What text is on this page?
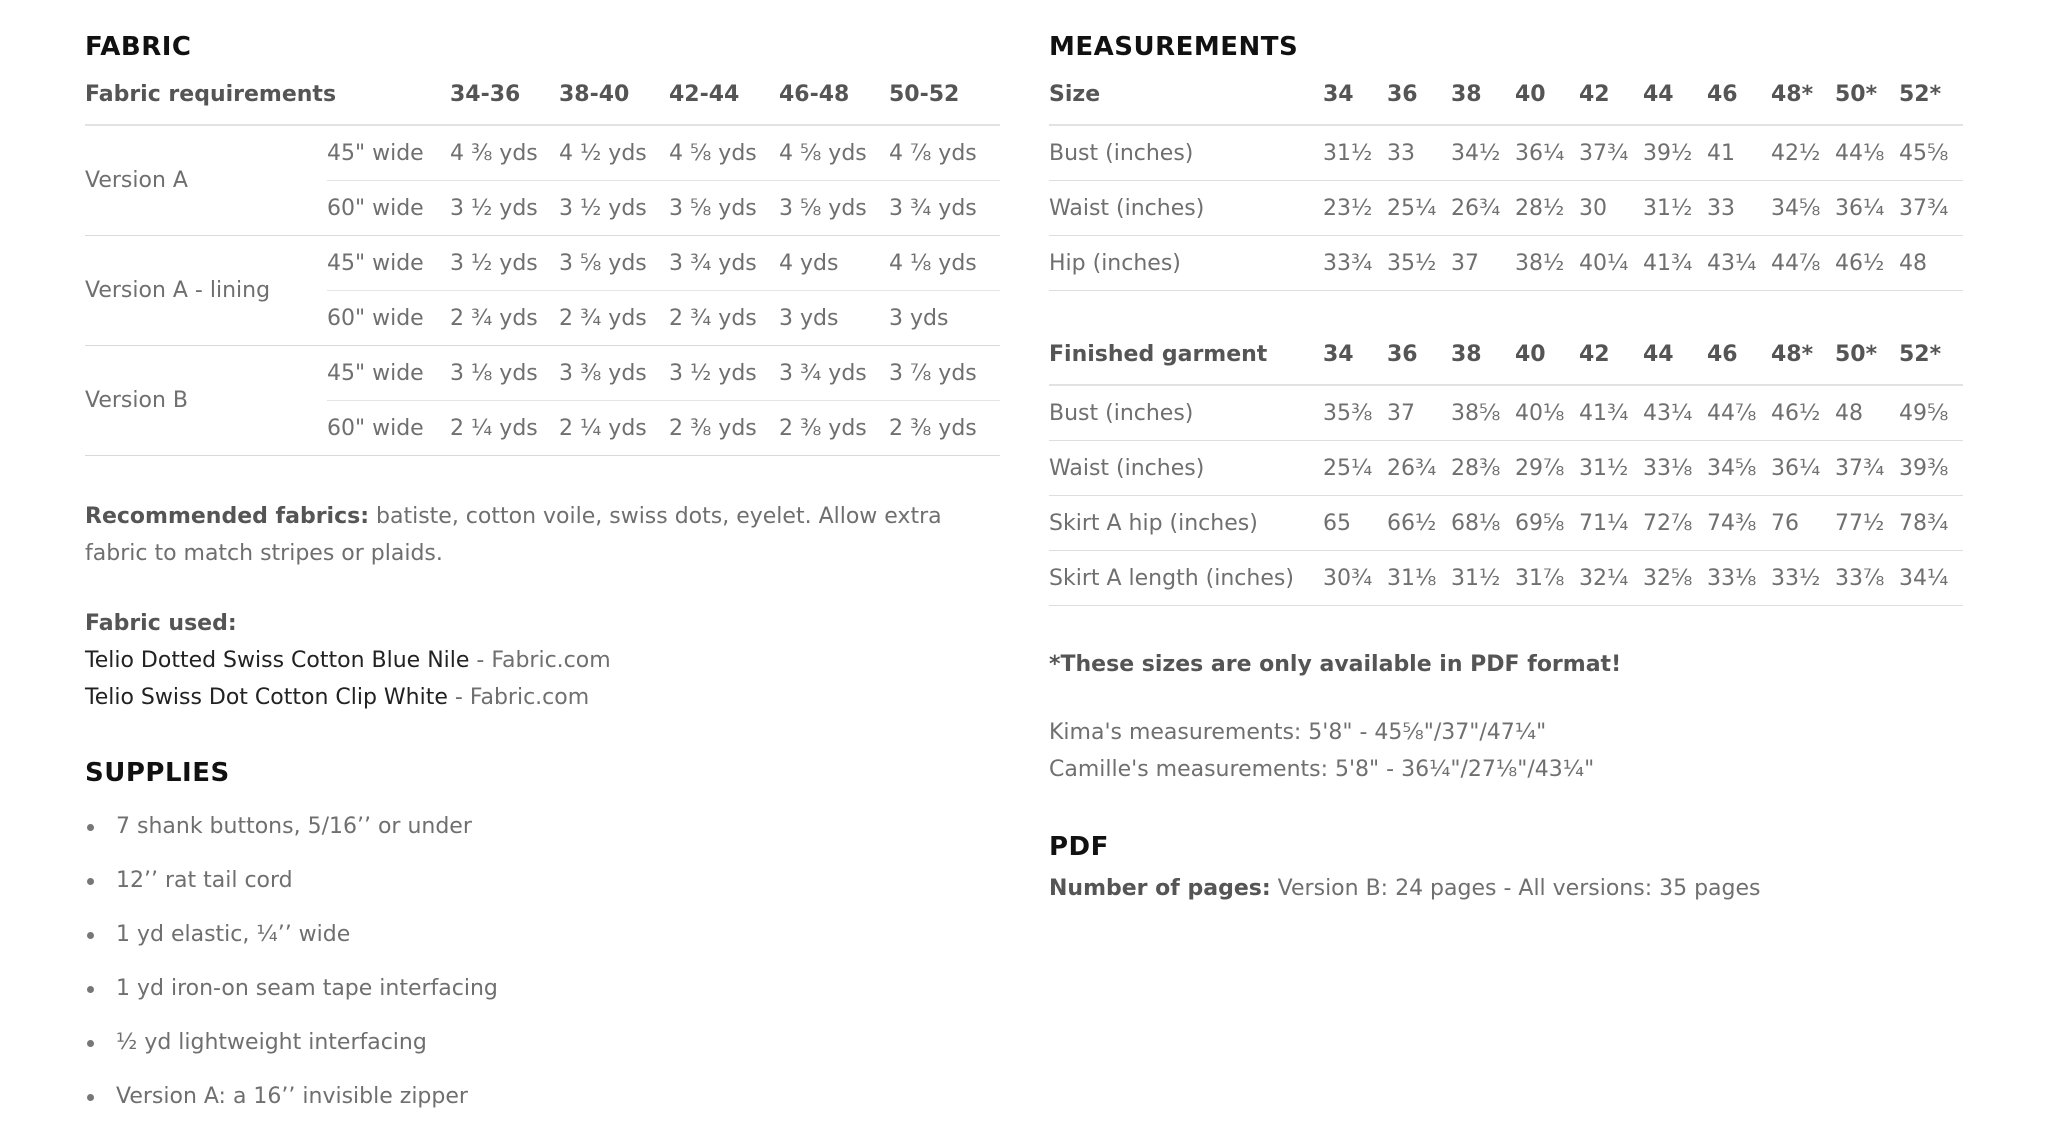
FABRIC
Fabric requirements		34-36	38-40	42-44	46-48	50-52
Version A	45" wide	4 ⅜ yds	4 ½ yds	4 ⅝ yds	4 ⅝ yds	4 ⅞ yds
	60" wide	3 ½ yds	3 ½ yds	3 ⅝ yds	3 ⅝ yds	3 ¾ yds
Version A - lining	45" wide	3 ½ yds	3 ⅝ yds	3 ¾ yds	4 yds	4 ⅛ yds
	60" wide	2 ¾ yds	2 ¾ yds	2 ¾ yds	3 yds	3 yds
Version B	45" wide	3 ⅛ yds	3 ⅜ yds	3 ½ yds	3 ¾ yds	3 ⅞ yds
	60" wide	2 ¼ yds	2 ¼ yds	2 ⅜ yds	2 ⅜ yds	2 ⅜ yds
Recommended fabrics: batiste, cotton voile, swiss dots, eyelet. Allow extra fabric to match stripes or plaids.
Fabric used:
Telio Dotted Swiss Cotton Blue Nile - Fabric.com
Telio Swiss Dot Cotton Clip White - Fabric.com
SUPPLIES
7 shank buttons, 5/16’’ or under
12’’ rat tail cord
1 yd elastic, ¼’’ wide
1 yd iron-on seam tape interfacing
½ yd lightweight interfacing
Version A: a 16’’ invisible zipper
MEASUREMENTS
Size	34	36	38	40	42	44	46	48*	50*	52*
Bust (inches)	31½	33	34½	36¼	37¾	39½	41	42½	44⅛	45⅝
Waist (inches)	23½	25¼	26¾	28½	30	31½	33	34⅝	36¼	37¾
Hip (inches)	33¾	35½	37	38½	40¼	41¾	43¼	44⅞	46½	48
Finished garment	34	36	38	40	42	44	46	48*	50*	52*
Bust (inches)	35⅜	37	38⅝	40⅛	41¾	43¼	44⅞	46½	48	49⅝
Waist (inches)	25¼	26¾	28⅜	29⅞	31½	33⅛	34⅝	36¼	37¾	39⅜
Skirt A hip (inches)	65	66½	68⅛	69⅝	71¼	72⅞	74⅜	76	77½	78¾
Skirt A length (inches)	30¾	31⅛	31½	31⅞	32¼	32⅝	33⅛	33½	33⅞	34¼
*These sizes are only available in PDF format!
Kima's measurements: 5'8" - 45⅝"/37"/47¼"
Camille's measurements: 5'8" - 36¼"/27⅛"/43¼"
PDF
Number of pages: Version B: 24 pages - All versions: 35 pages
